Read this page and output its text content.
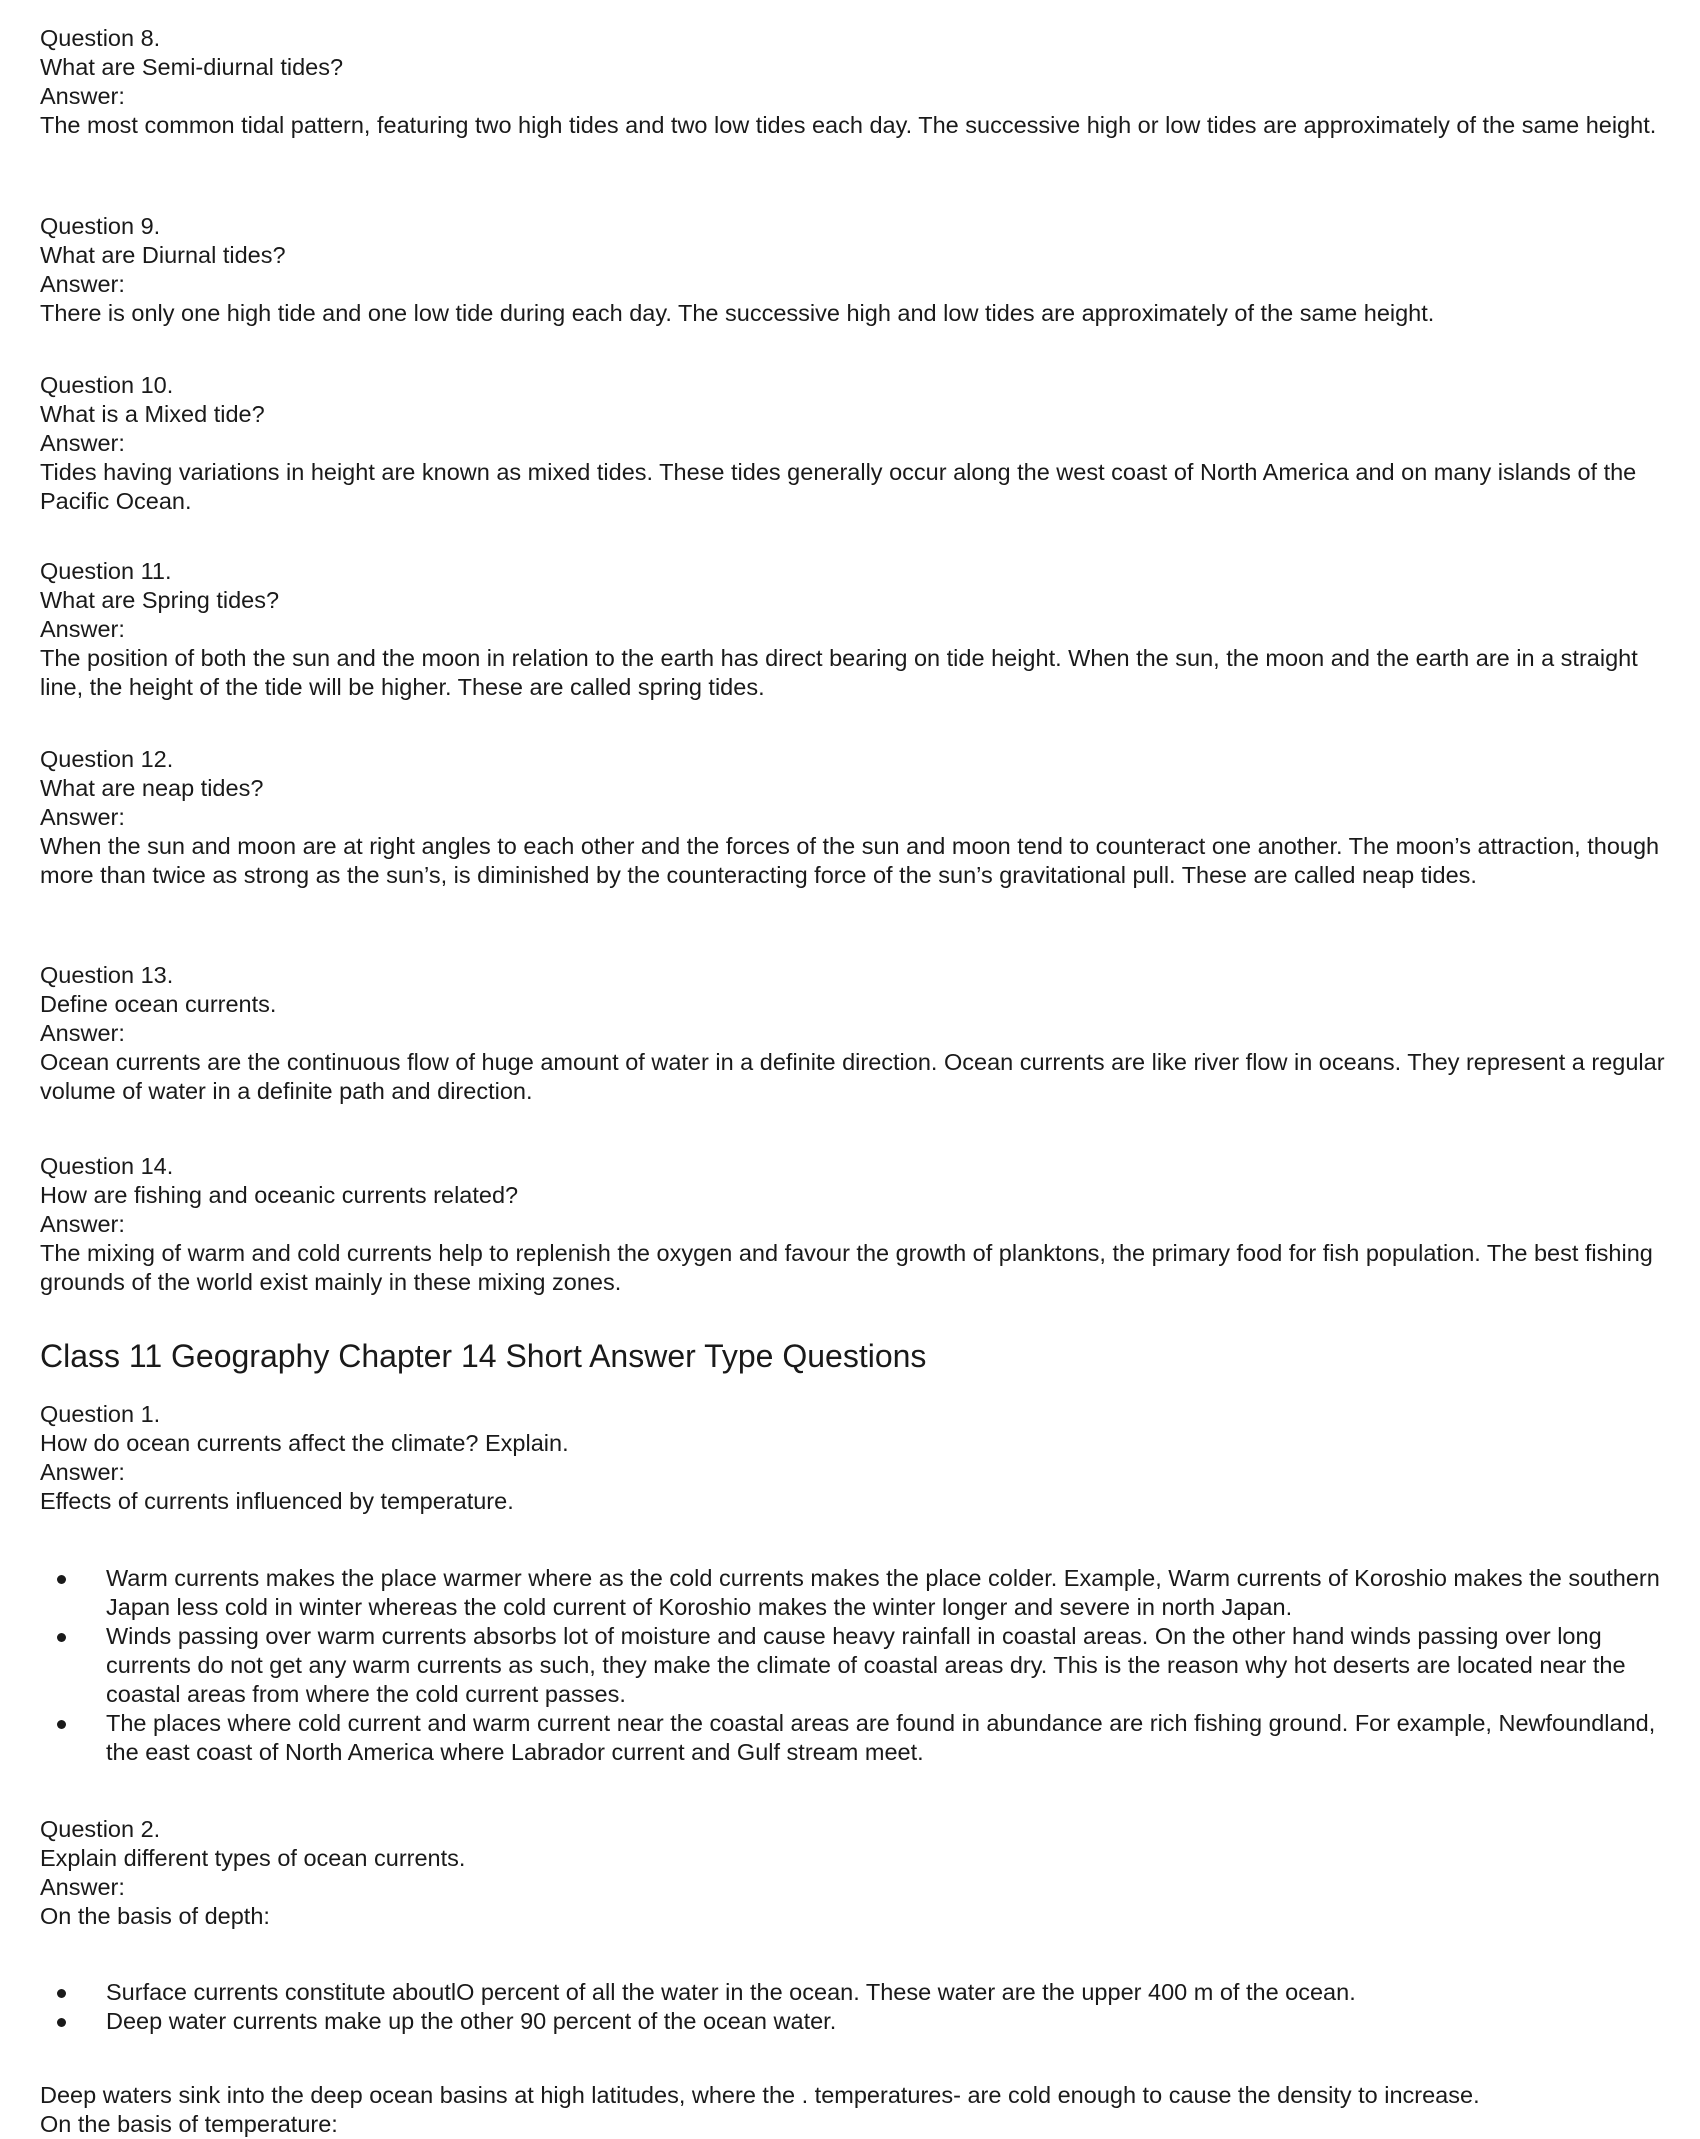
Question 8.
What are Semi-diurnal tides?
Answer:
The most common tidal pattern, featuring two high tides and two low tides each day. The successive high or low tides are approximately of the same height.
Question 9.
What are Diurnal tides?
Answer:
There is only one high tide and one low tide during each day. The successive high and low tides are approximately of the same height.
Question 10.
What is a Mixed tide?
Answer:
Tides having variations in height are known as mixed tides. These tides generally occur along the west coast of North America and on many islands of the Pacific Ocean.
Question 11.
What are Spring tides?
Answer:
The position of both the sun and the moon in relation to the earth has direct bearing on tide height. When the sun, the moon and the earth are in a straight line, the height of the tide will be higher. These are called spring tides.
Question 12.
What are neap tides?
Answer:
When the sun and moon are at right angles to each other and the forces of the sun and moon tend to counteract one another. The moon’s attraction, though more than twice as strong as the sun’s, is diminished by the counteracting force of the sun’s gravitational pull. These are called neap tides.
Question 13.
Define ocean currents.
Answer:
Ocean currents are the continuous flow of huge amount of water in a definite direction. Ocean currents are like river flow in oceans. They represent a regular volume of water in a definite path and direction.
Question 14.
How are fishing and oceanic currents related?
Answer:
The mixing of warm and cold currents help to replenish the oxygen and favour the growth of planktons, the primary food for fish population. The best fishing grounds of the world exist mainly in these mixing zones.
Class 11 Geography Chapter 14 Short Answer Type Questions
Question 1.
How do ocean currents affect the climate? Explain.
Answer:
Effects of currents influenced by temperature.
Warm currents makes the place warmer where as the cold currents makes the place colder. Example, Warm currents of Koroshio makes the southern Japan less cold in winter whereas the cold current of Koroshio makes the winter longer and severe in north Japan.
Winds passing over warm currents absorbs lot of moisture and cause heavy rainfall in coastal areas. On the other hand winds passing over long currents do not get any warm currents as such, they make the climate of coastal areas dry. This is the reason why hot deserts are located near the coastal areas from where the cold current passes.
The places where cold current and warm current near the coastal areas are found in abundance are rich fishing ground. For example, Newfoundland, the east coast of North America where Labrador current and Gulf stream meet.
Question 2.
Explain different types of ocean currents.
Answer:
On the basis of depth:
Surface currents constitute aboutlO percent of all the water in the ocean. These water are the upper 400 m of the ocean.
Deep water currents make up the other 90 percent of the ocean water.
Deep waters sink into the deep ocean basins at high latitudes, where the . temperatures- are cold enough to cause the density to increase.
On the basis of temperature:
